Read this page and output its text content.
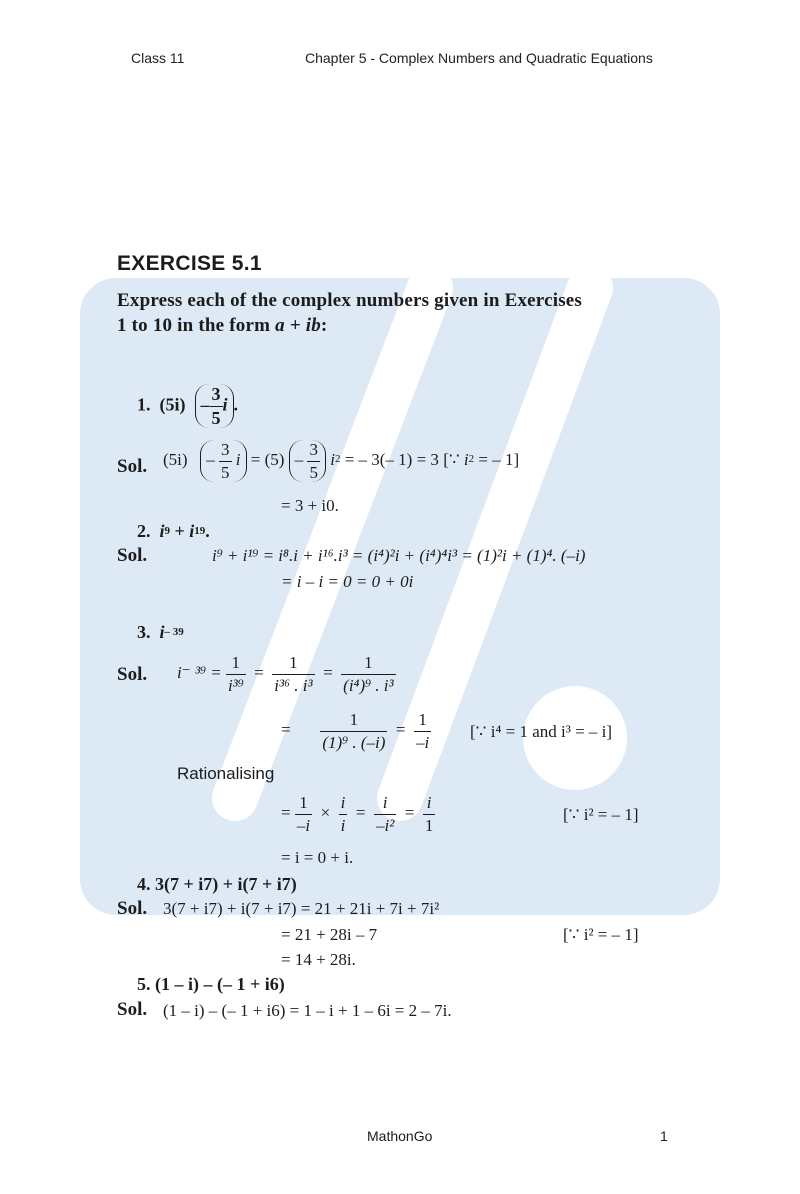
Class 11	Chapter 5 - Complex Numbers and Quadratic Equations
EXERCISE 5.1
Express each of the complex numbers given in Exercises
1 to 10 in the form a + ib:
1. $(5i) - \frac{3}{5}$ i .
Sol. $(5i) - \frac{3}{5}$ $i = (5) - \frac{3}{5} i^2$ = – 3(– 1) = 3 [∵ $i^2$ = – 1]
= 3 + i0.
2. $i^9 + i^{19}$.
Sol.	i⁹ + i¹⁹ = i⁸.i + i¹⁶.i³ = (i⁴)²i + (i⁴)⁴i³ = (1)²i + (1)⁴. (–i)
= i – i = 0 = 0 + 0i
3. $i^{- 39}$
Sol. i⁻ $^{39} = \frac{1}{\text{i³⁹}} = \frac{1}{\text{i³⁶ . i³}} = \frac{1}{\text{(i⁴)⁹ . i³}}$
= $\frac{1}{\text{(1)⁹ . (–i)}} = \frac{1}{-i}$ [∵ i⁴ = 1 and i³ = – i]
Rationalising
= $\frac{1}{-i} \times \frac{i}{i} = \frac{i}{\text{–i²}} = \frac{i}{1}$	[∵ i² = – 1]
= i = 0 + i.
4. 3(7 + i7) + i(7 + i7)
Sol. 3(7 + i7) + i(7 + i7) = 21 + 21i + 7i + 7i²
= 21 + 28i – 7	[∵ i² = – 1]
= 14 + 28i.
5. (1 – i) – (– 1 + i6)
Sol. (1 – i) – (– 1 + i6) = 1 – i + 1 – 6i = 2 – 7i.
MathonGo	1
